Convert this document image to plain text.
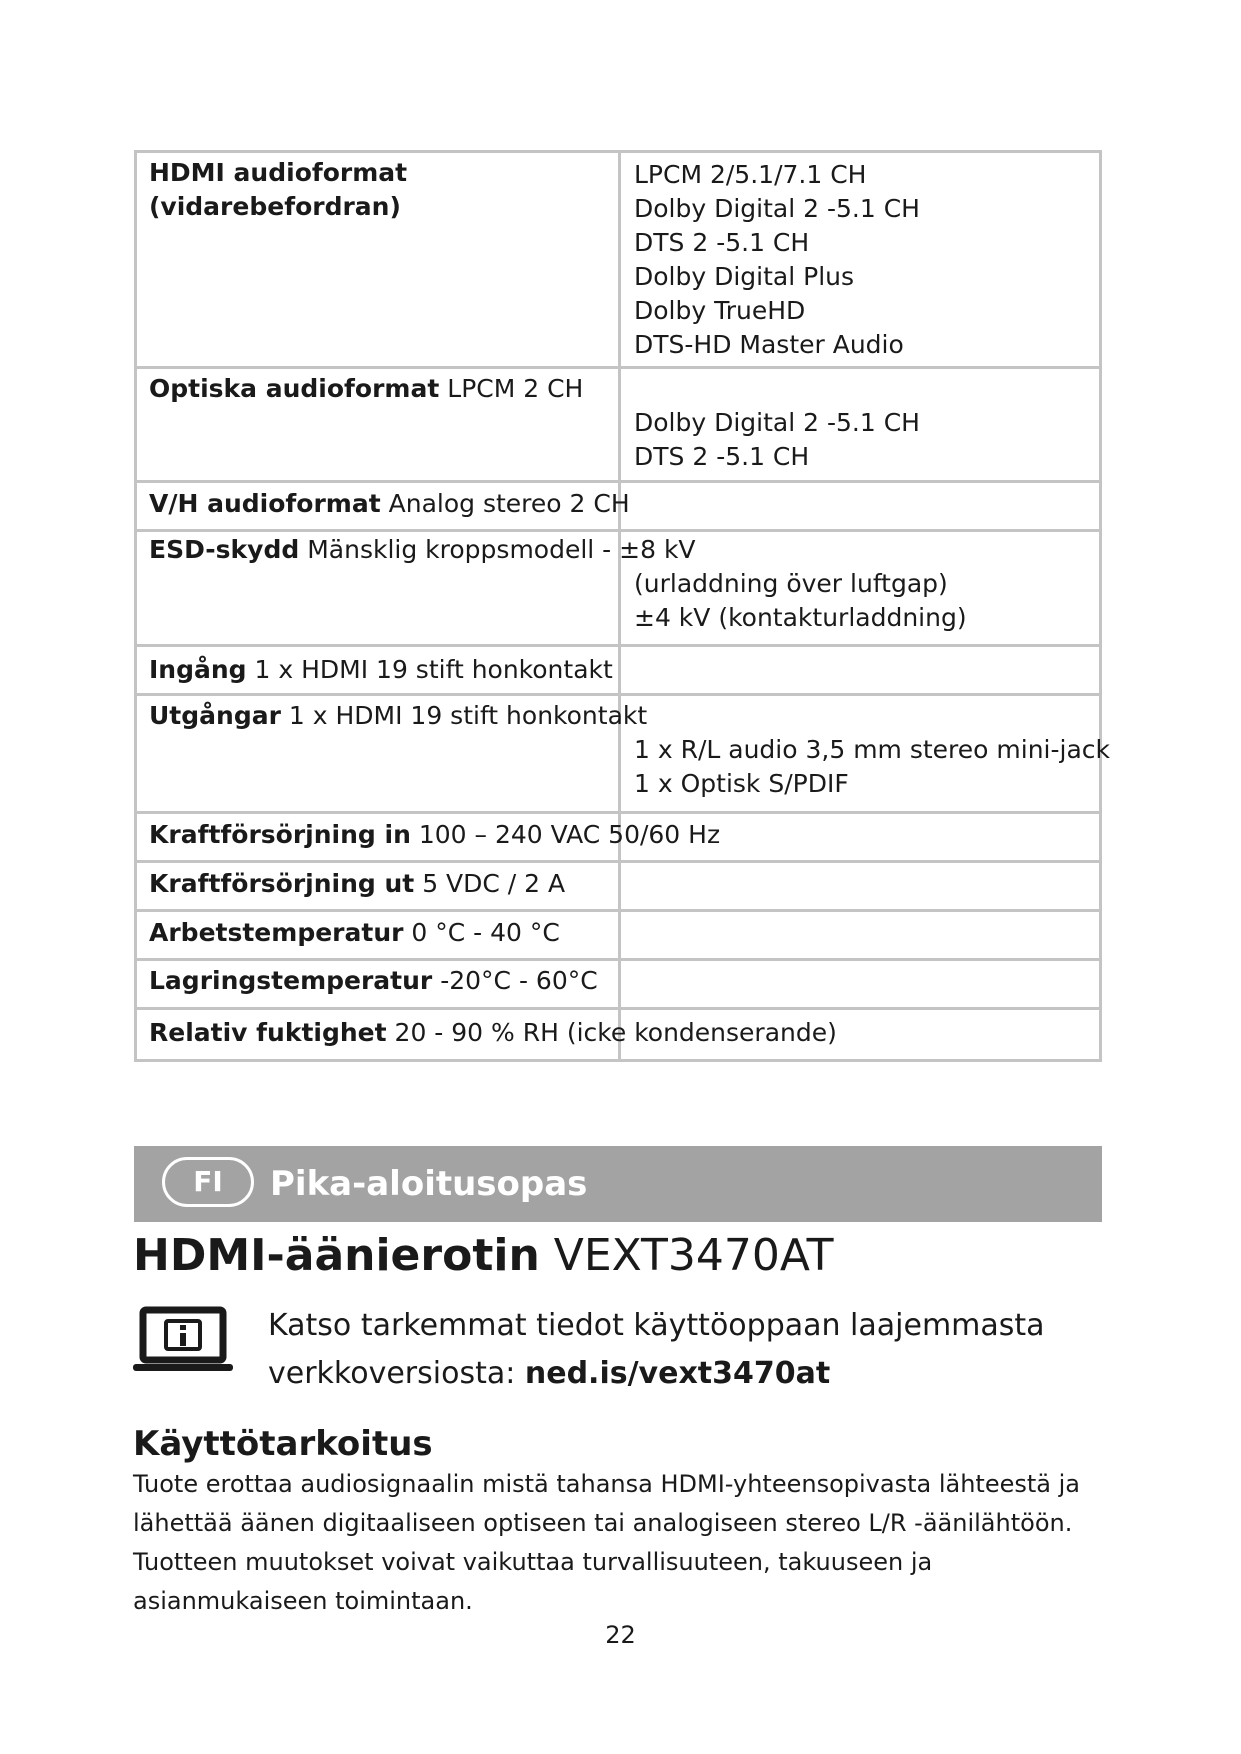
HDMI audioformat
(vidarebefordran)
LPCM 2/5.1/7.1 CH
Dolby Digital 2 -5.1 CH
DTS 2 -5.1 CH
Dolby Digital Plus
Dolby TrueHD
DTS-HD Master Audio
Optiska audioformat LPCM 2 CH
Dolby Digital 2 -5.1 CH
DTS 2 -5.1 CH
V/H audioformat Analog stereo 2 CH
ESD-skydd Mänsklig kroppsmodell - ±8 kV
(urladdning över luftgap)
±4 kV (kontakturladdning)
Ingång 1 x HDMI 19 stift honkontakt
Utgångar 1 x HDMI 19 stift honkontakt
1 x R/L audio 3,5 mm stereo mini-jack
1 x Optisk S/PDIF
Kraftförsörjning in 100 – 240 VAC 50/60 Hz
Kraftförsörjning ut 5 VDC / 2 A
Arbetstemperatur 0 °C - 40 °C
Lagringstemperatur -20°C - 60°C
Relativ fuktighet 20 - 90 % RH (icke kondenserande)
FI	Pika-aloitusopas
HDMI-äänierotin VEXT3470AT
Katso tarkemmat tiedot käyttöoppaan laajemmasta
verkkoversiosta: ned.is/vext3470at
Käyttötarkoitus
Tuote erottaa audiosignaalin mistä tahansa HDMI-yhteensopivasta lähteestä ja
lähettää äänen digitaaliseen optiseen tai analogiseen stereo L/R -äänilähtöön.
Tuotteen muutokset voivat vaikuttaa turvallisuuteen, takuuseen ja
asianmukaiseen toimintaan.
22
